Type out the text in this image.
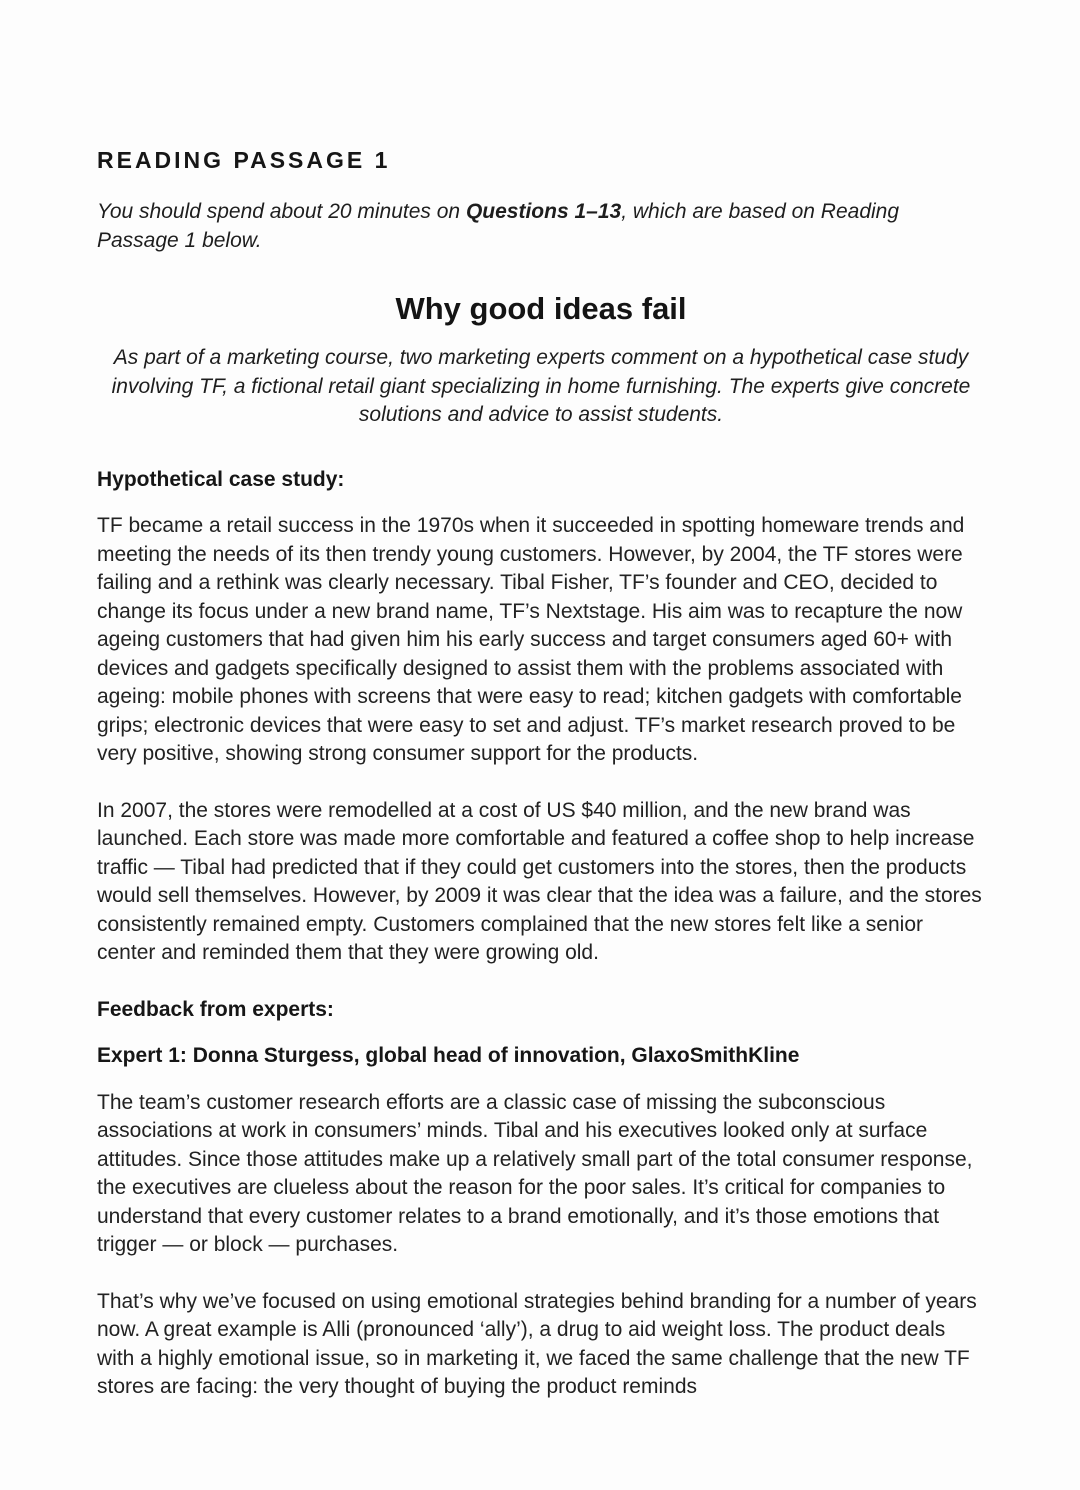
READING PASSAGE 1

You should spend about 20 minutes on Questions 1–13, which are based on Reading Passage 1 below.

Why good ideas fail

As part of a marketing course, two marketing experts comment on a hypothetical case study involving TF, a fictional retail giant specializing in home furnishing. The experts give concrete solutions and advice to assist students.

Hypothetical case study:

TF became a retail success in the 1970s when it succeeded in spotting homeware trends and meeting the needs of its then trendy young customers. However, by 2004, the TF stores were failing and a rethink was clearly necessary. Tibal Fisher, TF’s founder and CEO, decided to change its focus under a new brand name, TF’s Nextstage. His aim was to recapture the now ageing customers that had given him his early success and target consumers aged 60+ with devices and gadgets specifically designed to assist them with the problems associated with ageing: mobile phones with screens that were easy to read; kitchen gadgets with comfortable grips; electronic devices that were easy to set and adjust. TF’s market research proved to be very positive, showing strong consumer support for the products.

In 2007, the stores were remodelled at a cost of US $40 million, and the new brand was launched. Each store was made more comfortable and featured a coffee shop to help increase traffic — Tibal had predicted that if they could get customers into the stores, then the products would sell themselves. However, by 2009 it was clear that the idea was a failure, and the stores consistently remained empty. Customers complained that the new stores felt like a senior center and reminded them that they were growing old.

Feedback from experts:
Expert 1: Donna Sturgess, global head of innovation, GlaxoSmithKline

The team’s customer research efforts are a classic case of missing the subconscious associations at work in consumers’ minds. Tibal and his executives looked only at surface attitudes. Since those attitudes make up a relatively small part of the total consumer response, the executives are clueless about the reason for the poor sales. It’s critical for companies to understand that every customer relates to a brand emotionally, and it’s those emotions that trigger — or block — purchases.

That’s why we’ve focused on using emotional strategies behind branding for a number of years now. A great example is Alli (pronounced ‘ally’), a drug to aid weight loss. The product deals with a highly emotional issue, so in marketing it, we faced the same challenge that the new TF stores are facing: the very thought of buying the product reminds
